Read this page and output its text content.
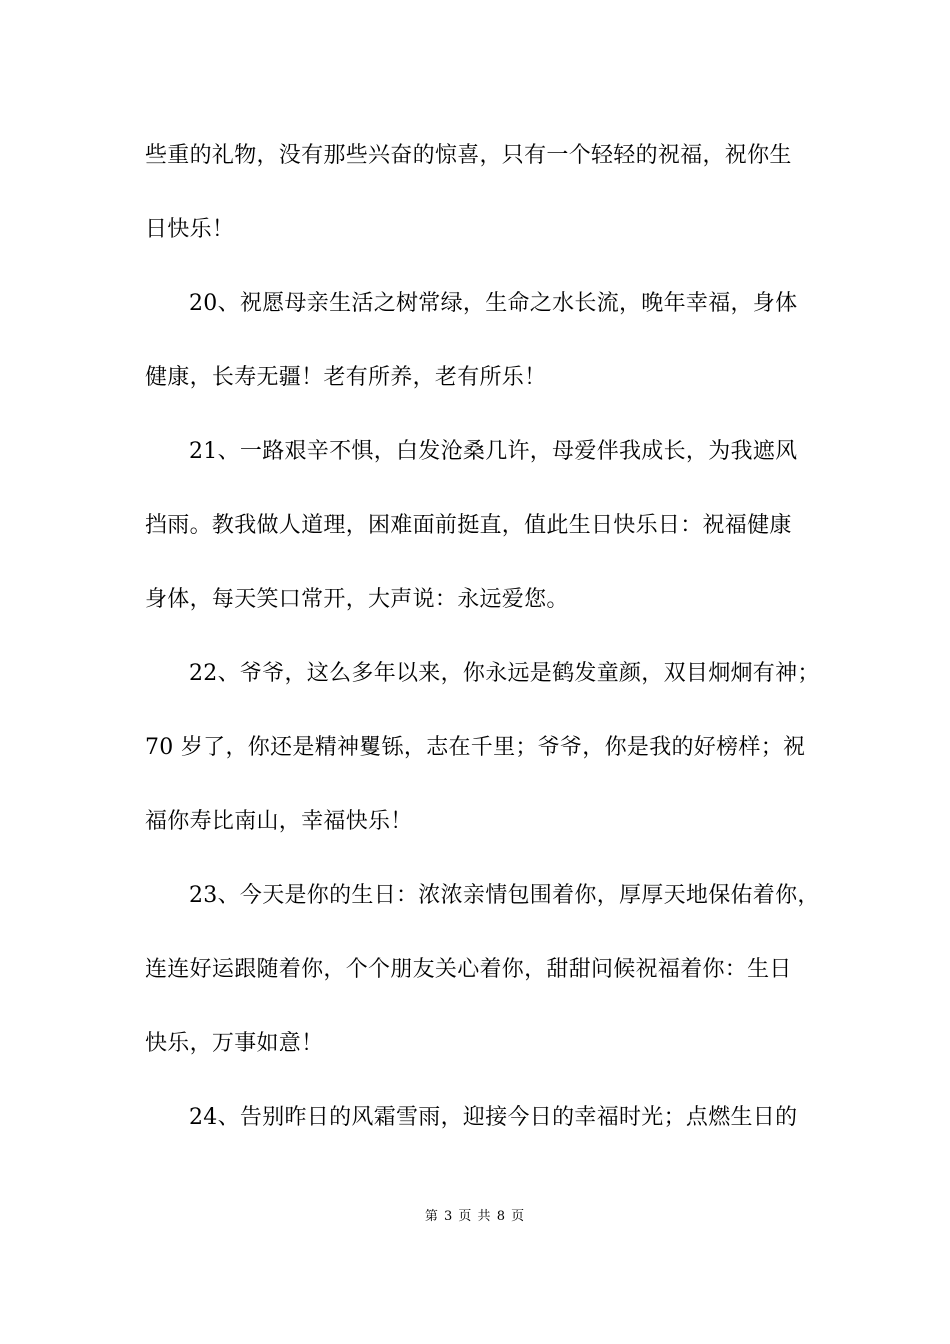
些重的礼物，没有那些兴奋的惊喜，只有一个轻轻的祝福，祝你生
日快乐！
20、祝愿母亲生活之树常绿，生命之水长流，晚年幸福，身体
健康，长寿无疆！老有所养，老有所乐！
21、一路艰辛不惧，白发沧桑几许，母爱伴我成长，为我遮风
挡雨。教我做人道理，困难面前挺直，值此生日快乐日：祝福健康
身体，每天笑口常开，大声说：永远爱您。
22、爷爷，这么多年以来，你永远是鹤发童颜，双目炯炯有神；
70 岁了，你还是精神矍铄，志在千里；爷爷，你是我的好榜样；祝
福你寿比南山，幸福快乐！
23、今天是你的生日：浓浓亲情包围着你，厚厚天地保佑着你，
连连好运跟随着你，个个朋友关心着你，甜甜问候祝福着你：生日
快乐，万事如意！
24、告别昨日的风霜雪雨，迎接今日的幸福时光；点燃生日的
第 3 页 共 8 页
